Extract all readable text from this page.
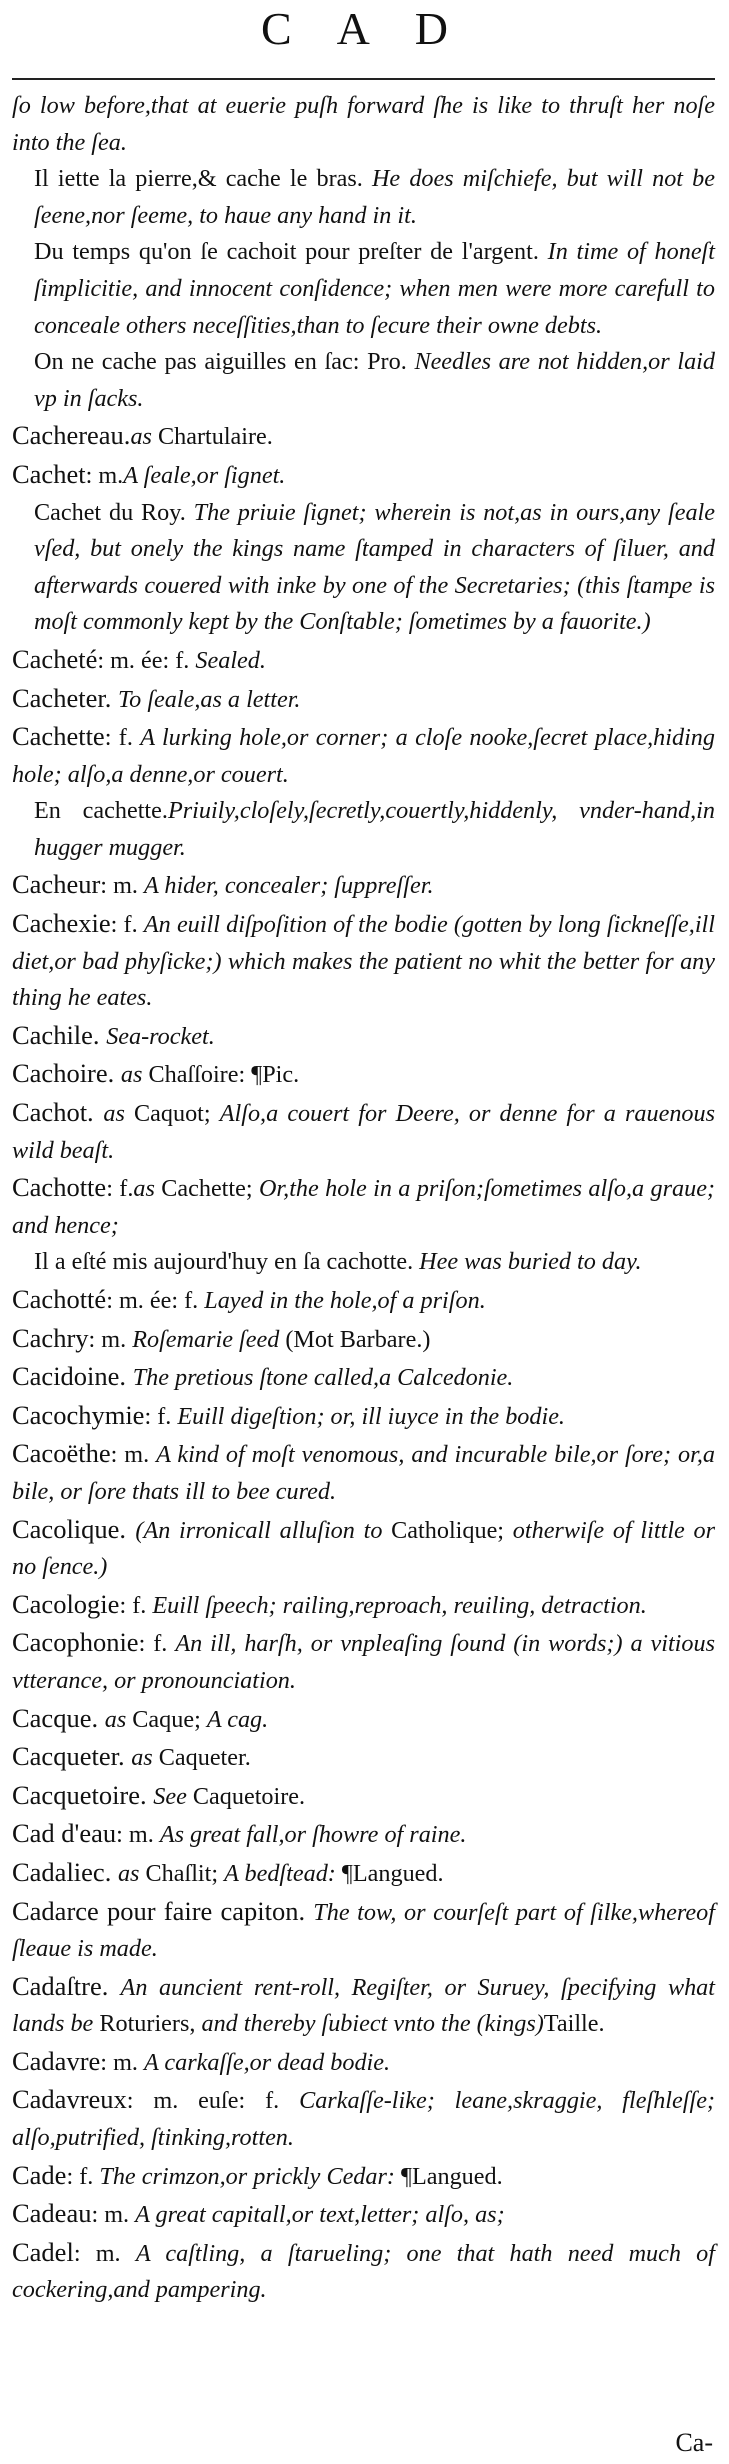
C A D

ſo low before,that at euerie puſh forward ſhe is like to thruſt her noſe into the ſea.

Il iette la pierre,& cache le bras. He does miſchiefe, but will not be ſeene,nor ſeeme, to haue any hand in it.

Du temps qu'on ſe cachoit pour preſter de l'argent. In time of honeſt ſimplicitie, and innocent conſidence; when men were more carefull to conceale others neceſſities,than to ſecure their owne debts.

On ne cache pas aiguilles en ſac: Pro. Needles are not hidden,or laid vp in ſacks.

Cachereau.as Chartulaire.

Cachet: m.A ſeale,or ſignet.

Cachet du Roy. The priuie ſignet; wherein is not,as in ours,any ſeale vſed, but onely the kings name ſtamped in characters of ſiluer, and afterwards couered with inke by one of the Secretaries; (this ſtampe is moſt commonly kept by the Conſtable; ſometimes by a fauorite.)

Cacheté: m. ée: f. Sealed.

Cacheter. To ſeale,as a letter.

Cachette: f. A lurking hole,or corner; a cloſe nooke,ſecret place,hiding hole; alſo,a denne,or couert.

En cachette.Priuily,cloſely,ſecretly,couertly,hiddenly, vnder-hand,in hugger mugger.

Cacheur: m. A hider, concealer; ſuppreſſer.

Cachexie: f. An euill diſpoſition of the bodie (gotten by long ſickneſſe,ill diet,or bad phyſicke;) which makes the patient no whit the better for any thing he eates.

Cachile. Sea-rocket.

Cachoire. as Chaſſoire: ¶Pic.

Cachot. as Caquot; Alſo,a couert for Deere, or denne for a rauenous wild beaſt.

Cachotte: f.as Cachette; Or,the hole in a priſon;ſometimes alſo,a graue; and hence;

Il a eſté mis aujourd'huy en ſa cachotte. Hee was buried to day.

Cachotté: m. ée: f. Layed in the hole,of a priſon.

Cachry: m. Roſemarie ſeed (Mot Barbare.)

Cacidoine. The pretious ſtone called,a Calcedonie.

Cacochymie: f. Euill digeſtion; or, ill iuyce in the bodie.

Cacoëthe: m. A kind of moſt venomous, and incurable bile,or ſore; or,a bile, or ſore thats ill to bee cured.

Cacolique. (An irronicall alluſion to Catholique; otherwiſe of little or no ſence.)

Cacologie: f. Euill ſpeech; railing,reproach, reuiling, detraction.

Cacophonie: f. An ill, harſh, or vnpleaſing ſound (in words;) a vitious vtterance, or pronounciation.

Cacque. as Caque; A cag.

Cacqueter. as Caqueter.

Cacquetoire. See Caquetoire.

Cad d'eau: m. As great fall,or ſhowre of raine.

Cadaliec. as Chaſlit; A bedſtead: ¶Langued.

Cadarce pour faire capiton. The tow, or courſeſt part of ſilke,whereof ſleaue is made.

Cadaſtre. An auncient rent-roll, Regiſter, or Suruey, ſpecifying what lands be Roturiers, and thereby ſubiect vnto the (kings)Taille.

Cadavre: m. A carkaſſe,or dead bodie.

Cadavreux: m. euſe: f. Carkaſſe-like; leane,skraggie, fleſhleſſe; alſo,putrified, ſtinking,rotten.

Cade: f. The crimzon,or prickly Cedar: ¶Langued.

Cadeau: m. A great capitall,or text,letter; alſo, as;

Cadel: m. A caſtling, a ſtarueling; one that hath need much of cockering,and pampering.

Ca-
